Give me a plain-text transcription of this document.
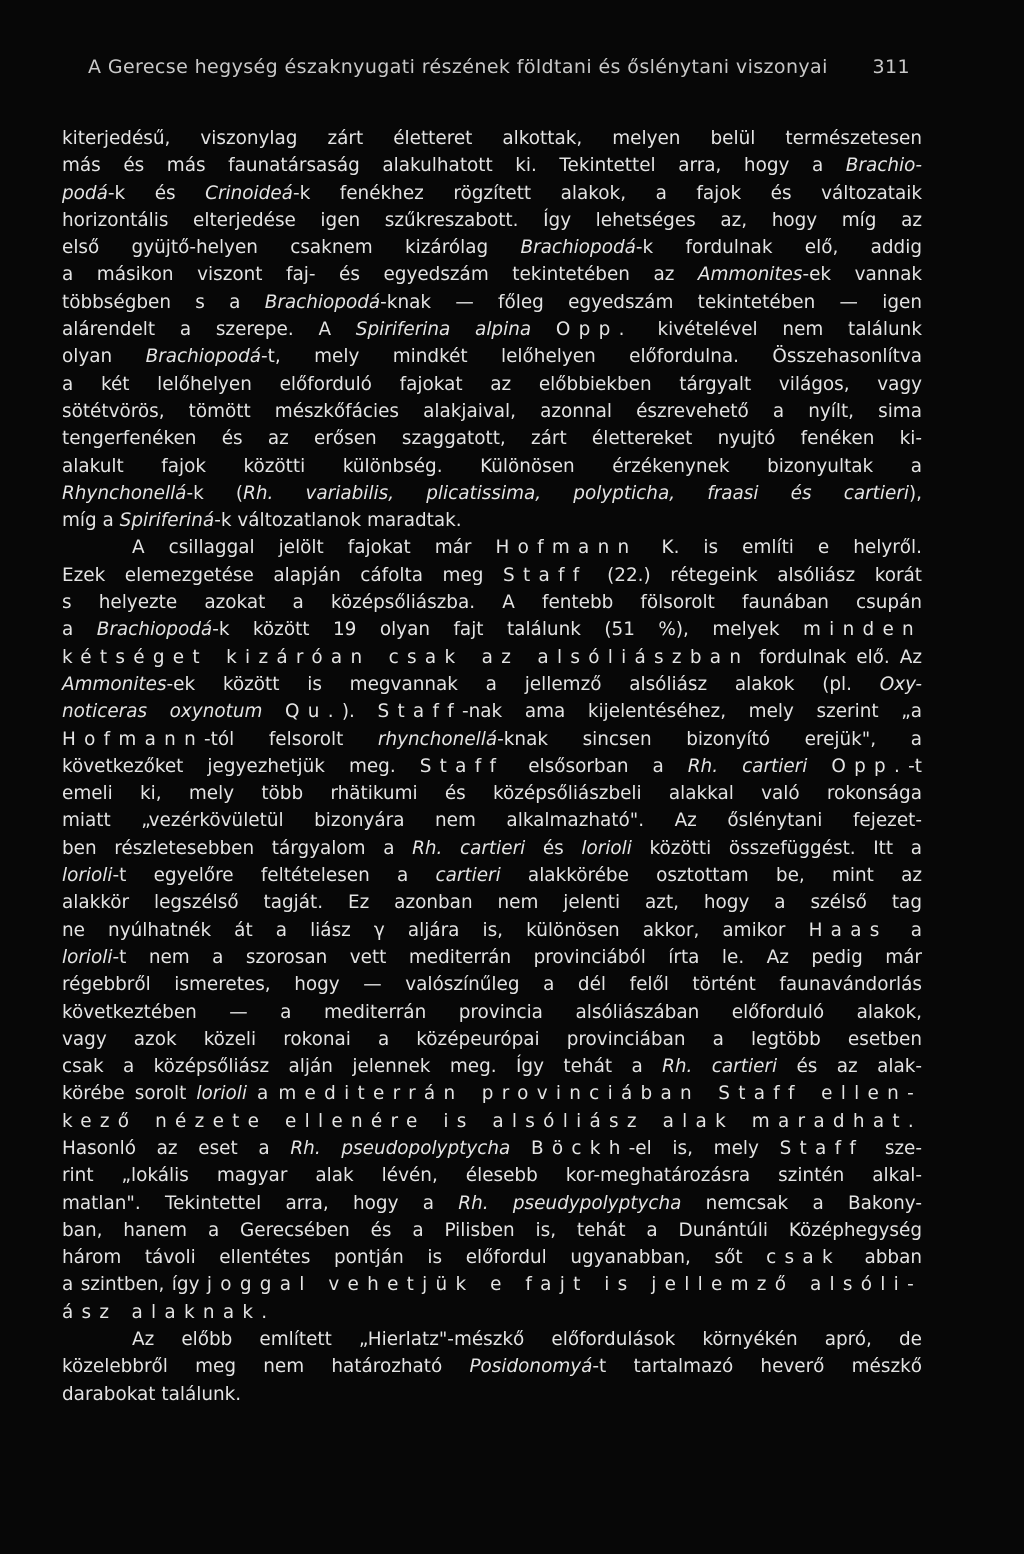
A Gerecse hegység északnyugati részének földtani és őslénytani viszonyai 311
kiterjedésű, viszonylag zárt életteret alkottak, melyen belül természetesen
más és más faunatársaság alakulhatott ki. Tekintettel arra, hogy a Brachio-
podá-k és Crinoideá-k fenékhez rögzített alakok, a fajok és változataik
horizontális elterjedése igen szűkreszabott. Így lehetséges az, hogy míg az
első gyüjtő-helyen csaknem kizárólag Brachiopodá-k fordulnak elő, addig
a másikon viszont faj- és egyedszám tekintetében az Ammonites-ek vannak
többségben s a Brachiopodá-knak — főleg egyedszám tekintetében — igen
alárendelt a szerepe. A Spiriferina alpina Opp. kivételével nem találunk
olyan Brachiopodá-t, mely mindkét lelőhelyen előfordulna. Összehasonlítva
a két lelőhelyen előforduló fajokat az előbbiekben tárgyalt világos, vagy
sötétvörös, tömött mészkőfácies alakjaival, azonnal észrevehető a nyílt, sima
tengerfenéken és az erősen szaggatott, zárt élettereket nyujtó fenéken ki-
alakult fajok közötti különbség. Különösen érzékenynek bizonyultak a
Rhynchonellá-k (Rh. variabilis, plicatissima, polypticha, fraasi és cartieri),
míg a Spiriferiná-k változatlanok maradtak.
A csillaggal jelölt fajokat már Hofmann K. is említi e helyről.
Ezek elemezgetése alapján cáfolta meg Staff (22.) rétegeink alsóliász korát
s helyezte azokat a középsőliászba. A fentebb fölsorolt faunában csupán
a Brachiopodá-k között 19 olyan fajt találunk (51 %), melyek minden
kétséget kizáróan csak az alsóliászban fordulnak elő. Az
Ammonites-ek között is megvannak a jellemző alsóliász alakok (pl. Oxy-
noticeras oxynotum Qu.). Staff-nak ama kijelentéséhez, mely szerint „a
Hofmann-tól felsorolt rhynchonellá-knak sincsen bizonyító erejük", a
következőket jegyezhetjük meg. Staff elsősorban a Rh. cartieri Opp.-t
emeli ki, mely több rhätikumi és középsőliászbeli alakkal való rokonsága
miatt „vezérkövületül bizonyára nem alkalmazható". Az őslénytani fejezet-
ben részletesebben tárgyalom a Rh. cartieri és lorioli közötti összefüggést. Itt a
lorioli-t egyelőre feltételesen a cartieri alakkörébe osztottam be, mint az
alakkör legszélső tagját. Ez azonban nem jelenti azt, hogy a szélső tag
ne nyúlhatnék át a liász γ aljára is, különösen akkor, amikor Haas a
lorioli-t nem a szorosan vett mediterrán provinciából írta le. Az pedig már
régebbről ismeretes, hogy — valószínűleg a dél felől történt faunavándorlás
következtében — a mediterrán provincia alsóliászában előforduló alakok,
vagy azok közeli rokonai a középeurópai provinciában a legtöbb esetben
csak a középsőliász alján jelennek meg. Így tehát a Rh. cartieri és az alak-
körébe sorolt lorioli a mediterrán provinciában Staff ellen-
kező nézete ellenére is alsóliász alak maradhat.
Hasonló az eset a Rh. pseudopolyptycha Böckh-el is, mely Staff sze-
rint „lokális magyar alak lévén, élesebb kor-meghatározásra szintén alkal-
matlan". Tekintettel arra, hogy a Rh. pseudypolyptycha nemcsak a Bakony-
ban, hanem a Gerecsében és a Pilisben is, tehát a Dunántúli Középhegység
három távoli ellentétes pontján is előfordul ugyanabban, sőt csak abban
a szintben, így joggal vehetjük e fajt is jellemző alsóli-
ász alaknak.
Az előbb említett „Hierlatz"-mészkő előfordulások környékén apró, de
közelebbről meg nem határozható Posidonomyá-t tartalmazó heverő mészkő
darabokat találunk.
